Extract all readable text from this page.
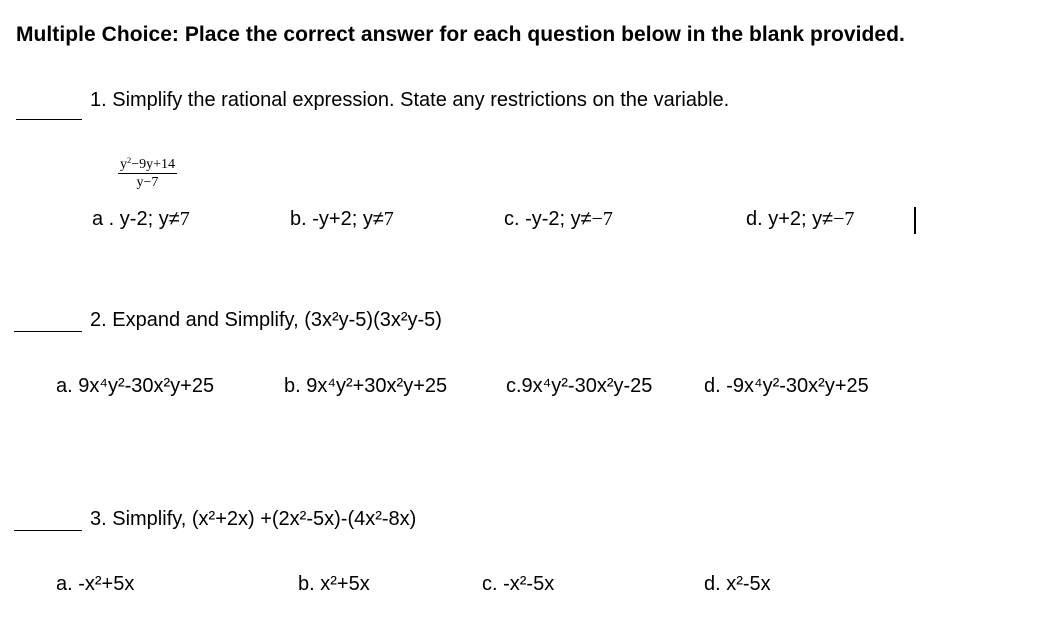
Multiple Choice: Place the correct answer for each question below in the blank provided.
1. Simplify the rational expression. State any restrictions on the variable.
$\frac{y^2-9y+14}{y-7}$
a . y-2; y≠7	b. -y+2; y≠7	c. -y-2; y≠−7	d. y+2; y≠−7
2. Expand and Simplify, (3x²y-5)(3x²y-5)
a. 9x⁴y²-30x²y+25	b. 9x⁴y²+30x²y+25	c.9x⁴y²-30x²y-25	d. -9x⁴y²-30x²y+25
3. Simplify, (x²+2x) +(2x²-5x)-(4x²-8x)
a. -x²+5x	b. x²+5x	c. -x²-5x	d. x²-5x
